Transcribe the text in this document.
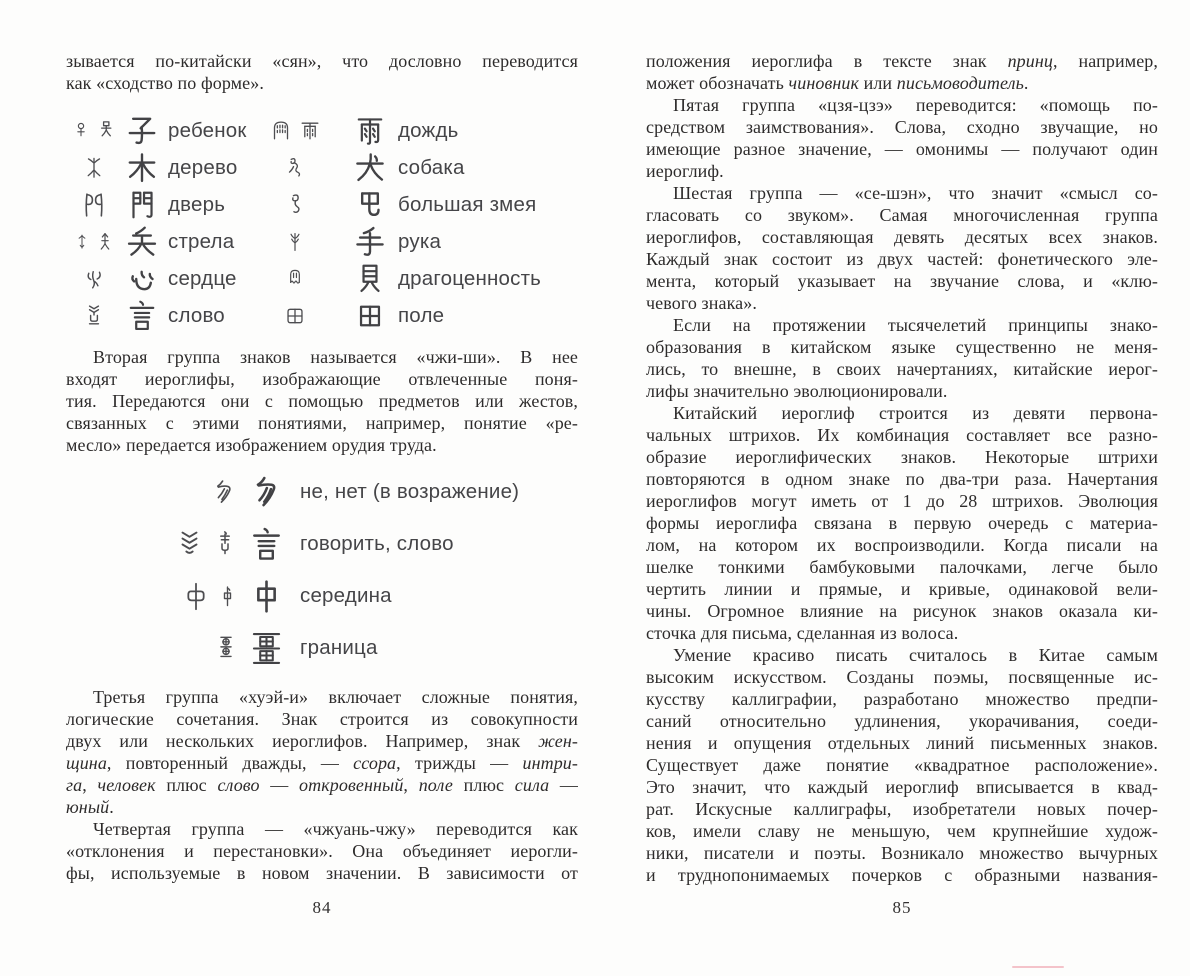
зывается по-китайски «сян», что дословно переводится
как «сходство по форме».
ребенок	дождь
дерево	собака
дверь	большая змея
стрела	рука
сердце	драгоценность
слово	поле
Вторая группа знаков называется «чжи-ши». В нее
входят иероглифы, изображающие отвлеченные поня-
тия. Передаются они с помощью предметов или жестов,
связанных с этими понятиями, например, понятие «ре-
месло» передается изображением орудия труда.
не, нет (в возражение)
говорить, слово
середина
граница
Третья группа «хуэй-и» включает сложные понятия,
логические сочетания. Знак строится из совокупности
двух или нескольких иероглифов. Например, знак жен-
щина, повторенный дважды, — ссора, трижды — интри-
га, человек плюс слово — откровенный, поле плюс сила —
юный.
Четвертая группа — «чжуань-чжу» переводится как
«отклонения и перестановки». Она объединяет иерогли-
фы, используемые в новом значении. В зависимости от
84
положения иероглифа в тексте знак принц, например,
может обозначать чиновник или письмоводитель.
Пятая группа «цзя-цзэ» переводится: «помощь по-
средством заимствования». Слова, сходно звучащие, но
имеющие разное значение, — омонимы — получают один
иероглиф.
Шестая группа — «се-шэн», что значит «смысл со-
гласовать со звуком». Самая многочисленная группа
иероглифов, составляющая девять десятых всех знаков.
Каждый знак состоит из двух частей: фонетического эле-
мента, который указывает на звучание слова, и «клю-
чевого знака».
Если на протяжении тысячелетий принципы знако-
образования в китайском языке существенно не меня-
лись, то внешне, в своих начертаниях, китайские иерог-
лифы значительно эволюционировали.
Китайский иероглиф строится из девяти первона-
чальных штрихов. Их комбинация составляет все разно-
образие иероглифических знаков. Некоторые штрихи
повторяются в одном знаке по два-три раза. Начертания
иероглифов могут иметь от 1 до 28 штрихов. Эволюция
формы иероглифа связана в первую очередь с материа-
лом, на котором их воспроизводили. Когда писали на
шелке тонкими бамбуковыми палочками, легче было
чертить линии и прямые, и кривые, одинаковой вели-
чины. Огромное влияние на рисунок знаков оказала ки-
сточка для письма, сделанная из волоса.
Умение красиво писать считалось в Китае самым
высоким искусством. Созданы поэмы, посвященные ис-
кусству каллиграфии, разработано множество предпи-
саний относительно удлинения, укорачивания, соеди-
нения и опущения отдельных линий письменных знаков.
Существует даже понятие «квадратное расположение».
Это значит, что каждый иероглиф вписывается в квад-
рат. Искусные каллиграфы, изобретатели новых почер-
ков, имели славу не меньшую, чем крупнейшие худож-
ники, писатели и поэты. Возникало множество вычурных
и труднопонимаемых почерков с образными названия-
85
